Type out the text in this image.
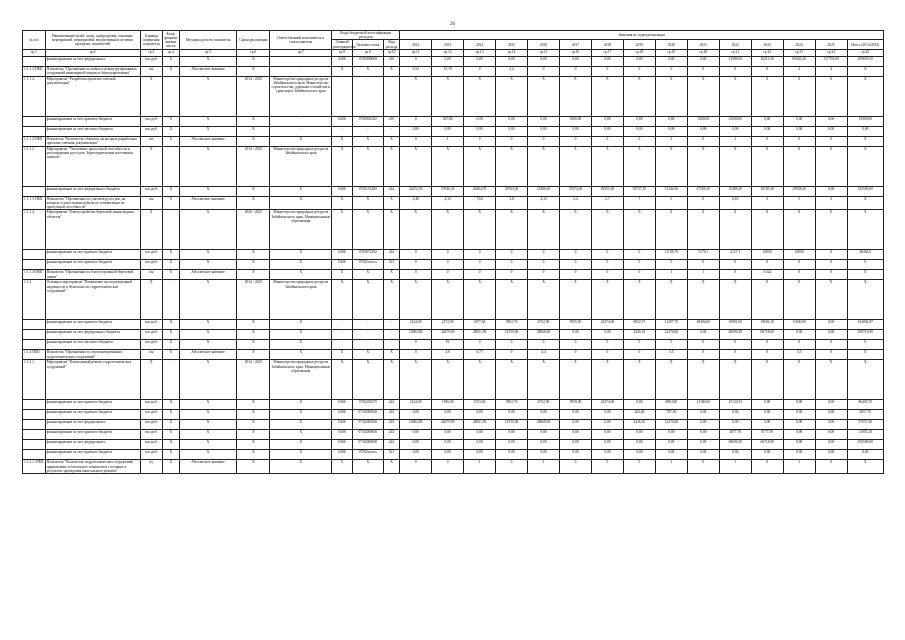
26
№ п/п	Наименование целей, задач, подпрограмм, основных мероприятий, мероприятий, ведомственных целевых программ, показателей	Единица измерения показателя	Коэф. фициент значим. ности	Методика расчета показателя	Сроки реализации	Ответственный исполнитель и соисполнители	Коды бюджетной классификации расходов			Значения по годам реализации														
							Главный распорядитель	Целевая статья	Вид расхода	2012	2013	2014	2015	2016	2017	2018	2019	2020	2021	2022	2023	2024	2025	Итого (2014-2025)
гр.1	гр.2	гр.3	гр.4	гр.5	гр.6	гр.7	гр.8	гр.9	гр.10	гр.11	гр.12	гр.13	гр.14	гр.15	гр.16	гр.17	гр.18	гр.19	гр.20	гр.21	гр.22	гр.23	гр.24	гр.25
	финансирование за счет федерального	тыс.руб.	X	X	X		0406	0730000000	410	0	0,00	0,00	0,00	0,00	0,00	0,00	0,00	0,00	0,00	11998,00	10213,30	69203,20	317704,00	459659,50
1.1.1.3-ПМ1	Показатель "Протяженность новых и реконструированных сооружений инженерной защиты и берегоукрепления"	км	X	Абсолютное значение	X	-	X	X	X	0,54	13,19	0	2,2	0	0	0	0	0	0	0	0	2	4	X
1.1.1.2.	Мероприятие "Разработка проектно-сметной документации"	X	-	X	2014 - 2025	Министерство природных ресурсов Забайкальского края. Министерство строительства, дорожного хозяйства и транспорта Забайкальского края	-	-	-	X	X	X	X	X	X	X	X	X	X	X	X	X	X	X
	финансирование за счет краевого бюджета	тыс.руб.	X	X	X	-	0406	0730004102	410	0	347,80	0,00	0,00	0,00	5500,00	0,00	0,00	0,00	5200,00	12000,00	0,00	0,00	0,00	15969,00
	финансирование за счет местного бюджета	тыс.руб.	X	X	X	-	-	-	-	0,00	0,00	0,00	0,00	0,00	0,00	0,00	0,00	0,00	0,00	0,00	0,00	0,00	0,00	0,00
1.1.1.2-ПМ1	Показатель "Количество объектов, на которые разработана проектно-сметная документация"	шт	X	Абсолютное значение	X	X	X	X	X	0	1	0	0	0	0	0	0	1	0	1	0	0	0	X
1.1.1.3.	Мероприятие "Увеличение пропускной способности и регулирование русел рек. Берегоукрепление населенных пунктов"	X	-	X	2014 - 2025	Министерство природных ресурсов Забайкальского края	X	X	X	X	X	X	X	X	X	X	X	X	X	X	X	X	X	X
	финансирование за счет федерального бюджета	тыс.руб.	X	X	X	X	0406	0730151280	244	24472,50	37046,30	26404,70	28763,30	23400,20	37674,30	29353,30	39737,70	51244,50	47500,10	15489,20	10195,30	10938,20	0,00	335500,00
1.1.1.3-ПМ1	Показатель "Протяженность участков русел рек, на которых осуществлены работы по оптимизации их пропускной способности"	км	X	Абсолютное значение	X	X	X	X	X	3,48	4,33	7,64	3,8	4,32	3,4	2,7	7	5	0	6,63	3	5	3	X
1.1.1.4.	Мероприятие "Благоустройство береговой линии водных объектов"	X	-	X	2020 - 2025	Министерство природных ресурсов Забайкальского края. Муниципальные образования	X	X	X	X	X	X	X	X	X	X	X	X	X	X	X	X	X	X
	финансирование за счет краевого бюджета	тыс.руб.	X	X	X	X	0406	0730072292	244	0	0	0	0	0	0	0	0	11158,70	5179,1	4127,1	10000	10000	0	40464,0
	финансирование за счет краевого бюджета	тыс.руб.	X	X	X	X	0406	07302xxxxx	521	0	0	0	0	0	0	0	0	0	0	0	0	0	0	0
1.1.1.4-ПМ1	Показатель "Протяженность благоустроенной береговой линии"	км	X	Абсолютное значение	X	X	X	X	X	0	0	0	0	0	0	0	0	1	1	0	0,522	0	0	X
1.1.2.	Основное мероприятие "Повышение эксплуатационной надежности и безопасности гидротехнических сооружений"	X	-	X	2014 - 2025	Министерство природных ресурсов Забайкальского края	X	X	X	X	X	X	X	X	X	X	X	X	X	X	X	X	X	X
	финансирование за счет краевого бюджета	тыс.руб.	X	X	X	X	-	-	-	2124,00	2172,00	3077,60	7863,70	6732,50	5955,50	23274,60	8052,57	11297,70	28494,00	19891,00	19602,10	11650,00	0,00	164002,97
	финансирование за счет федерального бюджета	тыс.руб.	X	X	X	X	-	-	-	14962,80	44479,90	28051,90	14750,00	28068,00	0,00	0,00	4436,10	12270,00	0,00	28690,30	66718,00	0,00	0,00	200716,90
	финансирование за счет местного бюджета	тыс.руб.	X	X	X	X	-	-	-	0	91	0	0	0	0	0	0	0	0	0	0	0	0	0
1.1.2-ПМ1	Показатель "Протяженность отремонтированных гидротехнических сооружений"	км	X	Абсолютное значение	X	X	X	X	X	0	4,6	6,77	0	4,4	0	0	0	3,5	0	0	0	3,5	0	X
1.1.2.1.	Мероприятие "Капитальный ремонт гидротехнических сооружений"	X	-	X	2014 - 2025	Министерство природных ресурсов Забайкальского края. Муниципальные образования	X	X	X	X	X	X	X	X	X	X	X	X	X	X	X	X	X	X
	финансирование за счет краевого бюджета	тыс.руб.	X	X	X	X	0406	0730205279	243	2124,00	1396,00	1072,60	7863,70	6732,50	5950,00	23274,60	0,00	688,540	21180,60	15120,53	0,00	0,00	0,00	86405,70
	финансирование за счет краевого бюджета	тыс.руб.	X	X	X	X	0406	07302R0160	243	0,00	0,00	0,00	0,00	0,00	0,00	0,00	264,40	787,50	0,00	0,00	0,00	0,00	0,00	2057,70
	финансирование за счет федерального	тыс.руб.	X	X	X	X	0406	07302R0160	243	14962,80	44479,90	28051,90	14750,00	28068,00	0,00	0,00	4436,10	12270,00	0,00	0,00	0,00	0,00	0,00	97057,40
	финансирование за счет краевого бюджета	тыс.руб.	X	X	X	X	0406	07302R0650	243	0,00	0,00	0,00	0,00	0,00	0,00	0,00	0,00	0,00	0,00	2877,70	8777,50	0,00	0,00	11955,20
	финансирование за счет федерального	тыс.руб.	X	X	X	X	0406	07302R0650	243	0,00	0,00	0,00	0,00	0,00	0,00	0,00	0,00	0,00	0,00	28690,30	66718,00	0,00	0,00	105509,00
	финансирование за счет краевого бюджета	тыс.руб.	X	X	X	X	0406	07302xxxxx	521	0,00	0,00	0,00	0,00	0,00	0,00	0,00	0,00	0,00	0,00	0,00	0,00	0,00	0,00	0,00
1.1.2.1.-ПМ1	Показатель "Количество гидротехнических сооружений, приведенных в безопасное техническое состояние в результате проведения капитального ремонта"	ед.	X	Абсолютное значение	X	X	X	X	X	0	0	1	0	1	0	0	0	1	0	1	0	1	0	X
